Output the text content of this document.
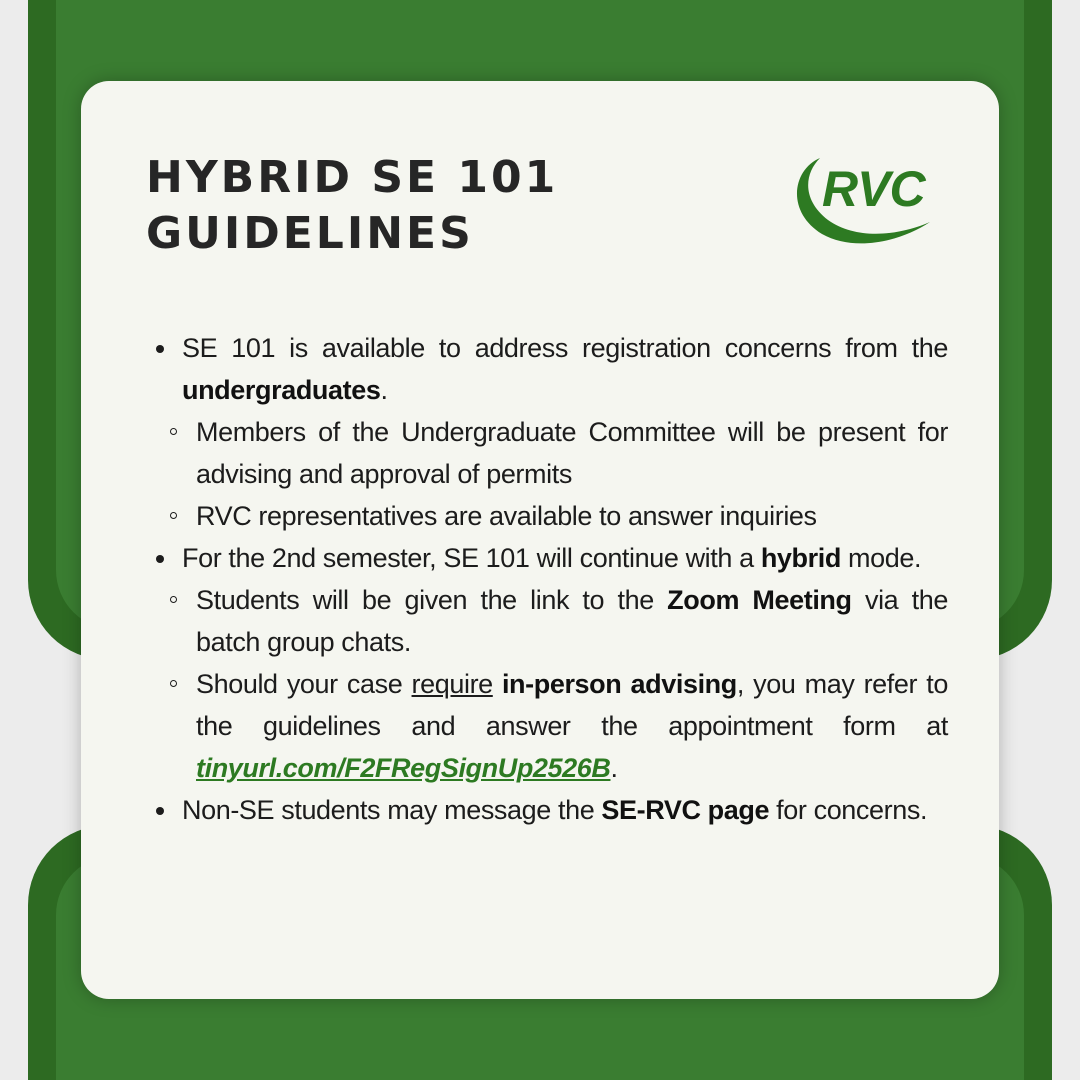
HYBRID SE 101
GUIDELINES
RVC
SE 101 is available to address registration concerns from the undergraduates.
Members of the Undergraduate Committee will be present for advising and approval of permits
RVC representatives are available to answer inquiries
For the 2nd semester, SE 101 will continue with a hybrid mode.
Students will be given the link to the Zoom Meeting via the batch group chats.
Should your case require in-person advising, you may refer to the guidelines and answer the appointment form at tinyurl.com/F2FRegSignUp2526B.
Non-SE students may message the SE-RVC page for concerns.
